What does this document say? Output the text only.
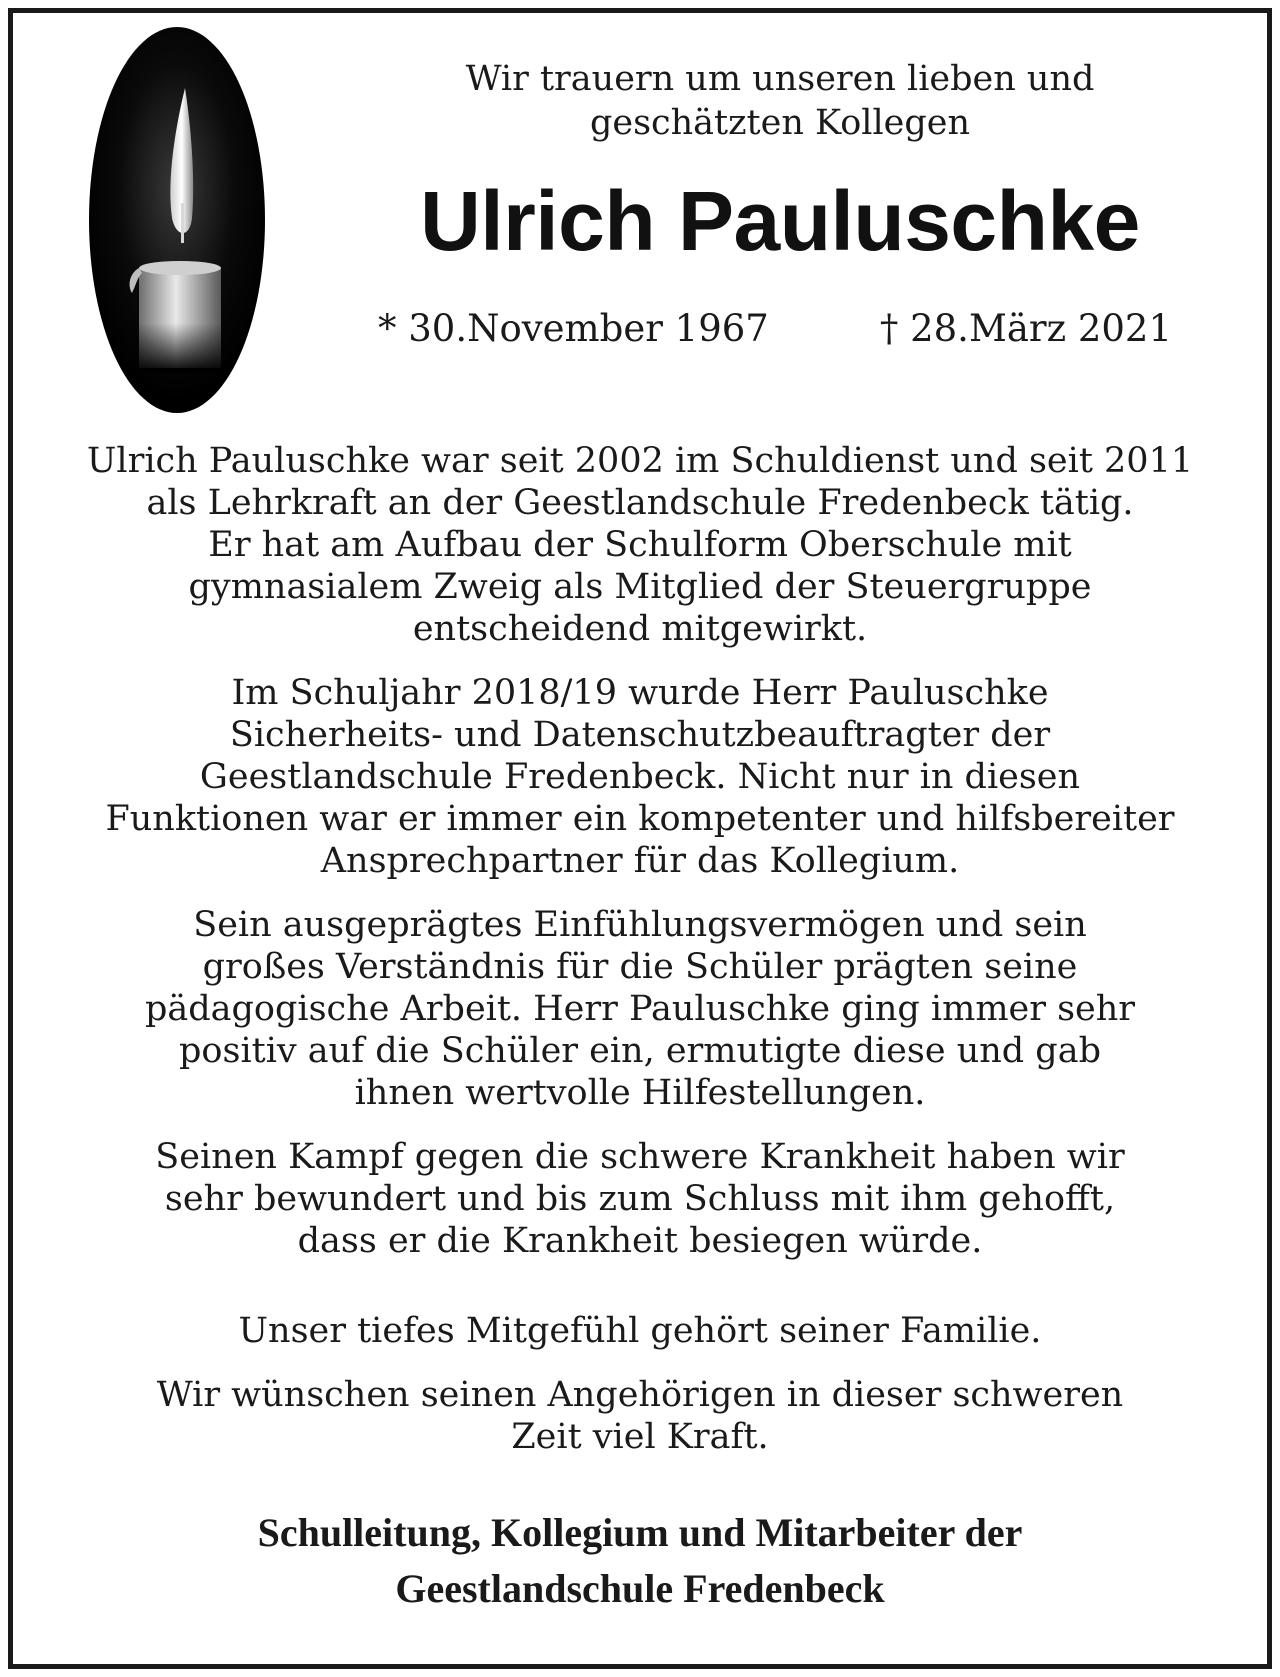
Wir trauern um unseren lieben und
geschätzten Kollegen
Ulrich Pauluschke
* 30.November 1967	† 28.März 2021

Ulrich Pauluschke war seit 2002 im Schuldienst und seit 2011
als Lehrkraft an der Geestlandschule Fredenbeck tätig.
Er hat am Aufbau der Schulform Oberschule mit
gymnasialem Zweig als Mitglied der Steuergruppe
entscheidend mitgewirkt.

Im Schuljahr 2018/19 wurde Herr Pauluschke
Sicherheits- und Datenschutzbeauftragter der
Geestlandschule Fredenbeck. Nicht nur in diesen
Funktionen war er immer ein kompetenter und hilfsbereiter
Ansprechpartner für das Kollegium.

Sein ausgeprägtes Einfühlungsvermögen und sein
großes Verständnis für die Schüler prägten seine
pädagogische Arbeit. Herr Pauluschke ging immer sehr
positiv auf die Schüler ein, ermutigte diese und gab
ihnen wertvolle Hilfestellungen.

Seinen Kampf gegen die schwere Krankheit haben wir
sehr bewundert und bis zum Schluss mit ihm gehofft,
dass er die Krankheit besiegen würde.

Unser tiefes Mitgefühl gehört seiner Familie.

Wir wünschen seinen Angehörigen in dieser schweren
Zeit viel Kraft.

Schulleitung, Kollegium und Mitarbeiter der
Geestlandschule Fredenbeck
